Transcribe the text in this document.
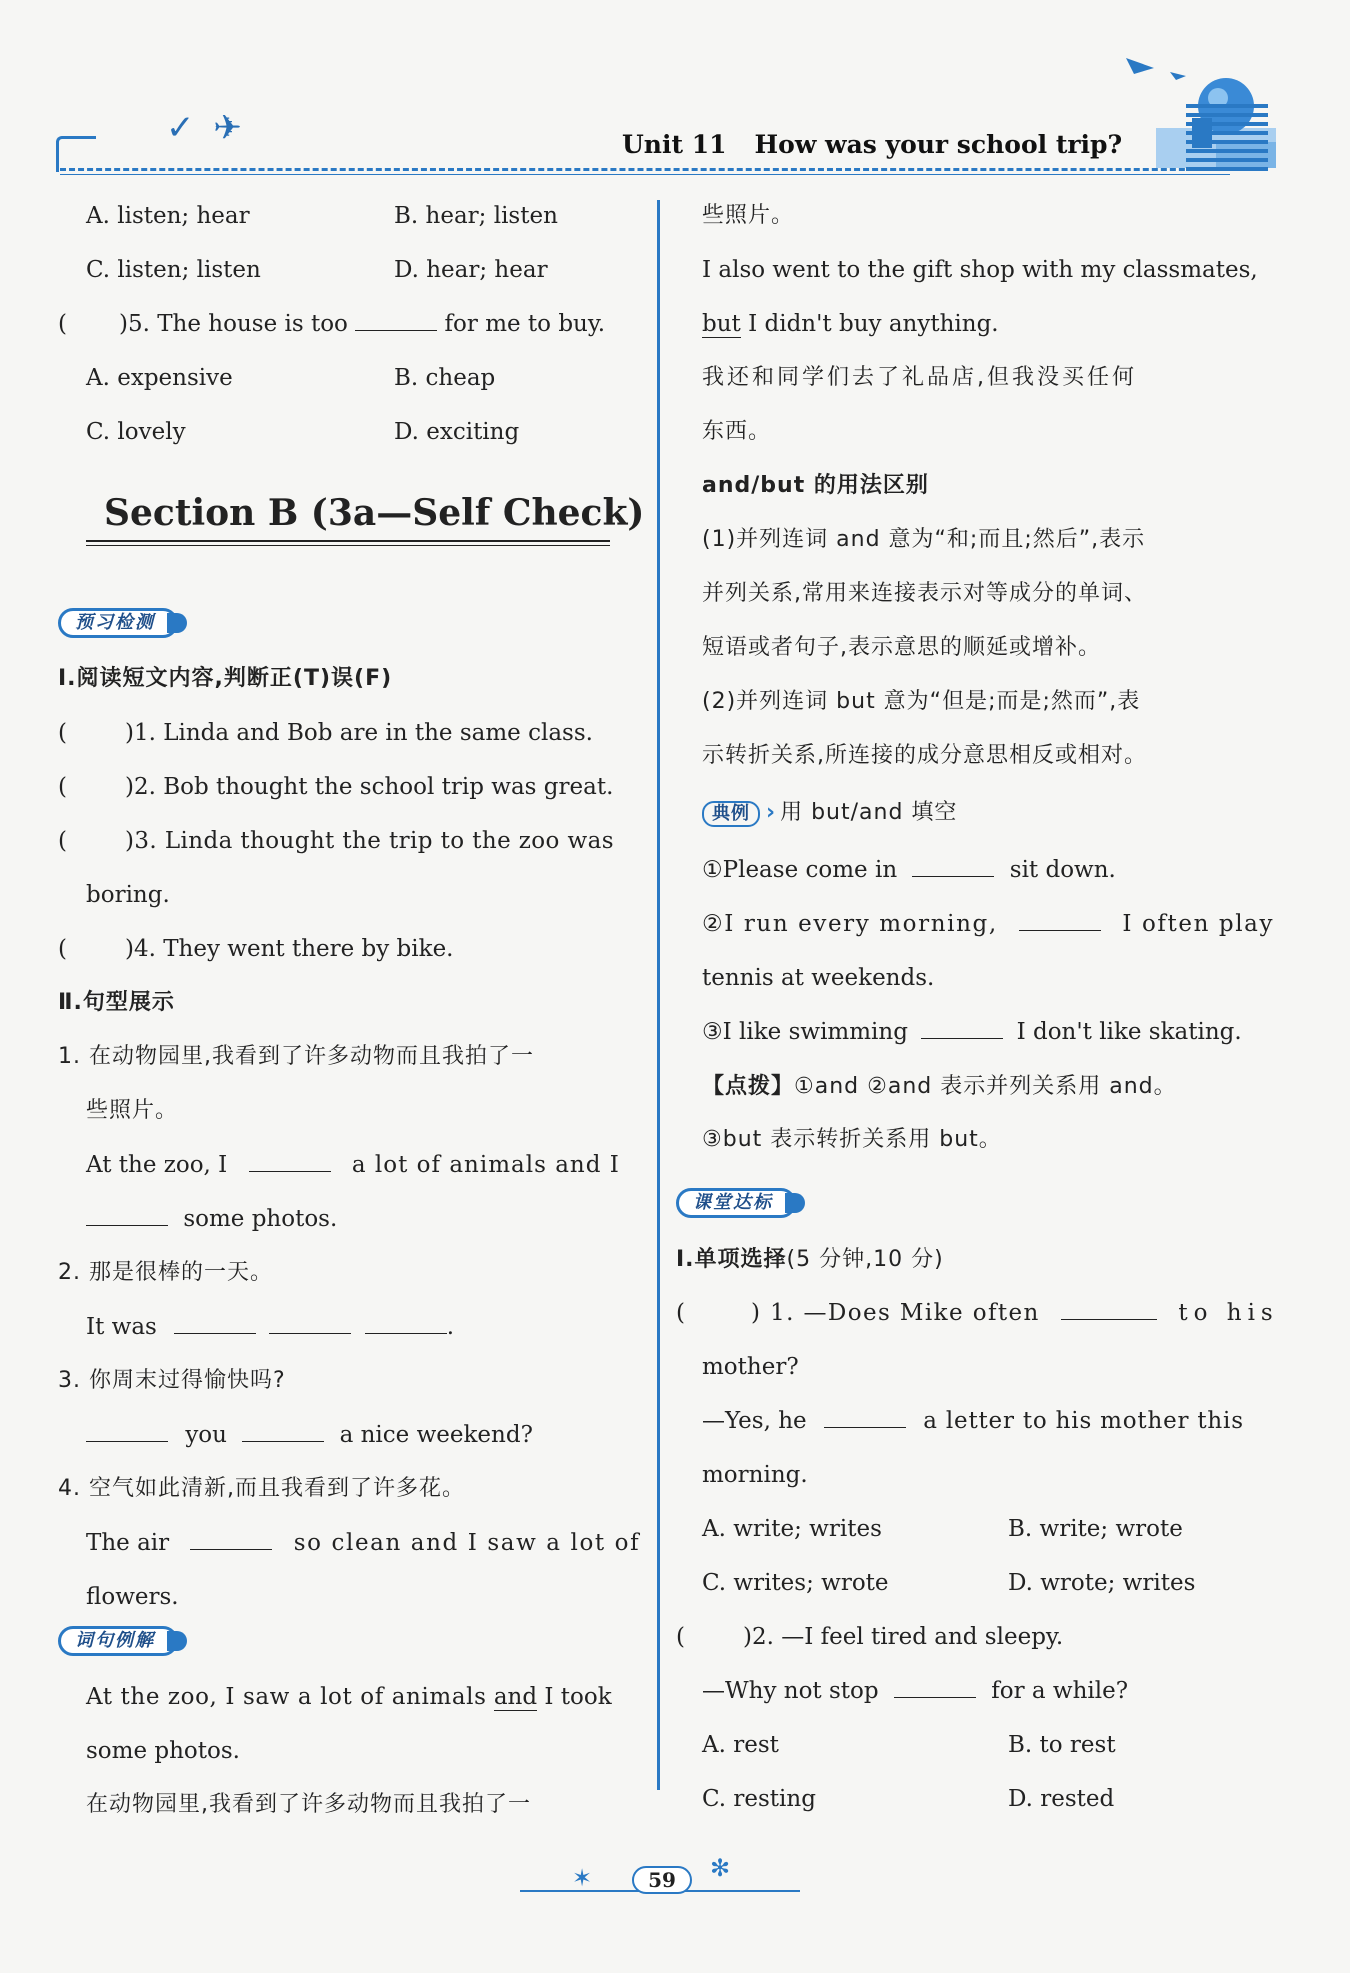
✓ ✈	Unit 11 How was your school trip?
A. listen; hear	B. hear; listen
C. listen; listen	D. hear; hear
( )5. The house is too	for me to buy.
A. expensive	B. cheap
C. lovely	D. exciting
Section B (3a—Self Check)
预习检测
Ⅰ.阅读短文内容,判断正(T)误(F)
(	)1. Linda and Bob are in the same class.
(	)2. Bob thought the school trip was great.
(	)3. Linda thought the trip to the zoo was
boring.
(	)4. They went there by bike.
Ⅱ.句型展示
1. 在动物园里,我看到了许多动物而且我拍了一
些照片。
At the zoo, I	a lot of animals and I
some photos.
2. 那是很棒的一天。
It was	.
3. 你周末过得愉快吗?
you	a nice weekend?
4. 空气如此清新,而且我看到了许多花。
The air	so clean and I saw a lot of
flowers.
词句例解
At the zoo, I saw a lot of animals and I took
some photos.
在动物园里,我看到了许多动物而且我拍了一
些照片。
I also went to the gift shop with my classmates,
but I didn't buy anything.
我还和同学们去了礼品店,但我没买任何
东西。
and/but 的用法区别
(1)并列连词 and 意为“和;而且;然后”,表示
并列关系,常用来连接表示对等成分的单词、
短语或者句子,表示意思的顺延或增补。
(2)并列连词 but 意为“但是;而是;然而”,表
示转折关系,所连接的成分意思相反或相对。
典例 › 用 but/and 填空
①Please come in	sit down.
②I run every morning,	I often play
tennis at weekends.
③I like swimming	I don't like skating.
【点拨】①and ②and 表示并列关系用 and。
③but 表示转折关系用 but。
课堂达标
Ⅰ.单项选择(5 分钟,10 分)
(	) 1. —Does Mike often	to his
mother?
—Yes, he	a letter to his mother this
morning.
A. write; writes	B. write; wrote
C. writes; wrote	D. wrote; writes
(	)2. —I feel tired and sleepy.
—Why not stop	for a while?
A. rest	B. to rest
C. resting	D. rested
✶	✻
59
